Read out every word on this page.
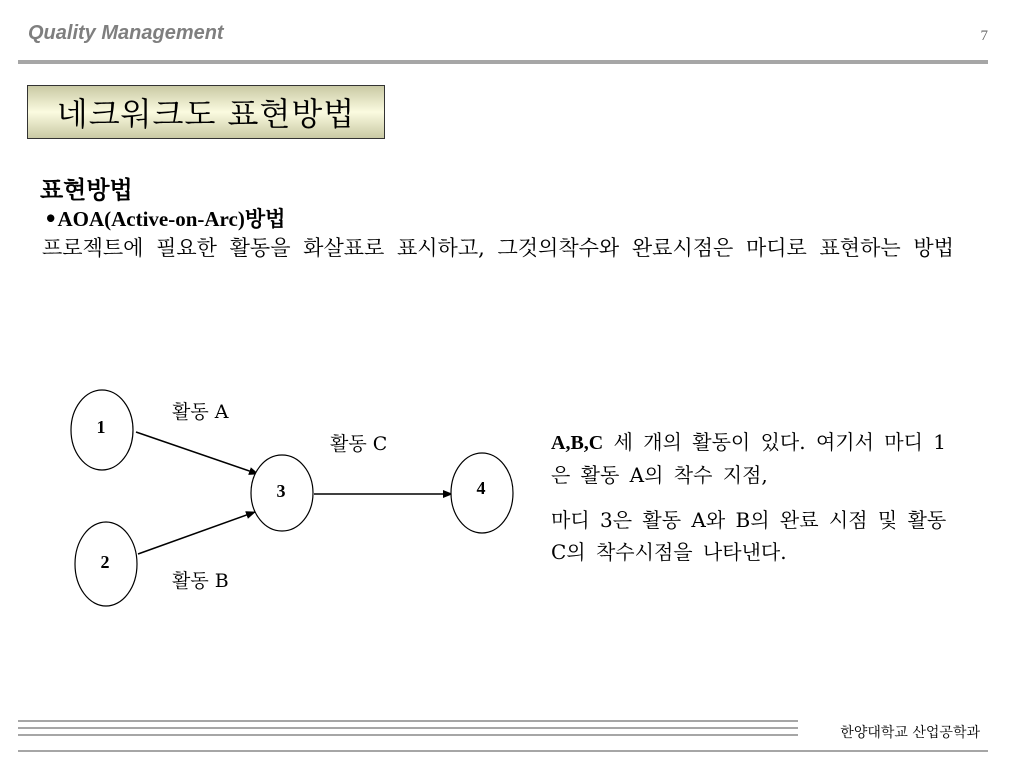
Quality Management	7
네크워크도 표현방법
표현방법
•AOA(Active-on-Arc)방법
프로젝트에 필요한 활동을 화살표로 표시하고, 그것의착수와 완료시점은 마디로 표현하는 방법
1
2
3	4
활동 A
활동 B
활동 C	A,B,C 세 개의 활동이 있다. 여기서 마디 1은 활동 A의 착수 지점,
마디 3은 활동 A와 B의 완료 시점 및 활동 C의 착수시점을 나타낸다.
한양대학교 산업공학과
